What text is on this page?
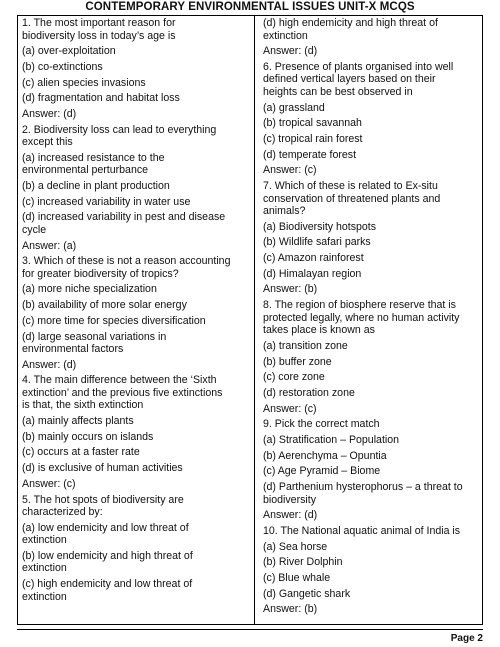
CONTEMPORARY ENVIRONMENTAL ISSUES UNIT-X MCQS
1. The most important reason for
biodiversity loss in today’s age is
(a) over-exploitation
(b) co-extinctions
(c) alien species invasions
(d) fragmentation and habitat loss
Answer: (d)
2. Biodiversity loss can lead to everything
except this
(a) increased resistance to the
environmental perturbance
(b) a decline in plant production
(c) increased variability in water use
(d) increased variability in pest and disease
cycle
Answer: (a)
3. Which of these is not a reason accounting
for greater biodiversity of tropics?
(a) more niche specialization
(b) availability of more solar energy
(c) more time for species diversification
(d) large seasonal variations in
environmental factors
Answer: (d)
4. The main difference between the ‘Sixth
extinction’ and the previous five extinctions
is that, the sixth extinction
(a) mainly affects plants
(b) mainly occurs on islands
(c) occurs at a faster rate
(d) is exclusive of human activities
Answer: (c)
5. The hot spots of biodiversity are
characterized by:
(a) low endemicity and low threat of
extinction
(b) low endemicity and high threat of
extinction
(c) high endemicity and low threat of
extinction
(d) high endemicity and high threat of
extinction
Answer: (d)
6. Presence of plants organised into well
defined vertical layers based on their
heights can be best observed in
(a) grassland
(b) tropical savannah
(c) tropical rain forest
(d) temperate forest
Answer: (c)
7. Which of these is related to Ex-situ
conservation of threatened plants and
animals?
(a) Biodiversity hotspots
(b) Wildlife safari parks
(c) Amazon rainforest
(d) Himalayan region
Answer: (b)
8. The region of biosphere reserve that is
protected legally, where no human activity
takes place is known as
(a) transition zone
(b) buffer zone
(c) core zone
(d) restoration zone
Answer: (c)
9. Pick the correct match
(a) Stratification – Population
(b) Aerenchyma – Opuntia
(c) Age Pyramid – Biome
(d) Parthenium hysterophorus – a threat to
biodiversity
Answer: (d)
10. The National aquatic animal of India is
(a) Sea horse
(b) River Dolphin
(c) Blue whale
(d) Gangetic shark
Answer: (b)
Page 2
